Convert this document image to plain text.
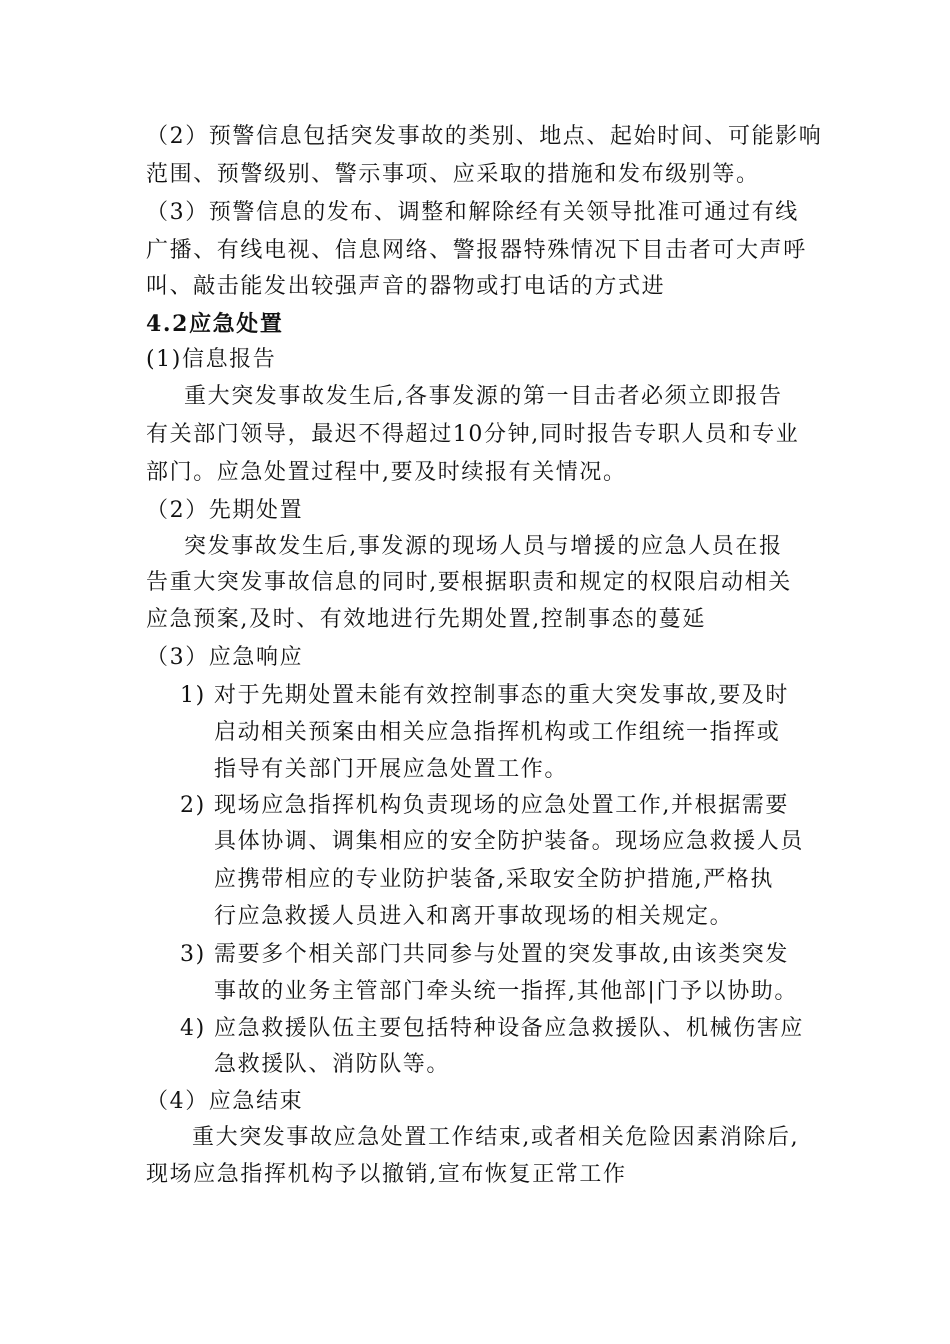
（2）预警信息包括突发事故的类别、地点、起始时间、可能影响
范围、预警级别、警示事项、应采取的措施和发布级别等。
（3）预警信息的发布、调整和解除经有关领导批准可通过有线
广播、有线电视、信息网络、警报器特殊情况下目击者可大声呼
叫、敲击能发出较强声音的器物或打电话的方式进
4.2应急处置
(1)信息报告
重大突发事故发生后,各事发源的第一目击者必须立即报告
有关部门领导，最迟不得超过10分钟,同时报告专职人员和专业
部门。应急处置过程中,要及时续报有关情况。
（2）先期处置
突发事故发生后,事发源的现场人员与增援的应急人员在报
告重大突发事故信息的同时,要根据职责和规定的权限启动相关
应急预案,及时、有效地进行先期处置,控制事态的蔓延
（3）应急响应
1) 对于先期处置未能有效控制事态的重大突发事故,要及时
启动相关预案由相关应急指挥机构或工作组统一指挥或
指导有关部门开展应急处置工作。
2) 现场应急指挥机构负责现场的应急处置工作,并根据需要
具体协调、调集相应的安全防护装备。现场应急救援人员
应携带相应的专业防护装备,采取安全防护措施,严格执
行应急救援人员进入和离开事故现场的相关规定。
3) 需要多个相关部门共同参与处置的突发事故,由该类突发
事故的业务主管部门牵头统一指挥,其他部|门予以协助。
4) 应急救援队伍主要包括特种设备应急救援队、机械伤害应
急救援队、消防队等。
（4）应急结束
重大突发事故应急处置工作结束,或者相关危险因素消除后,
现场应急指挥机构予以撤销,宣布恢复正常工作
